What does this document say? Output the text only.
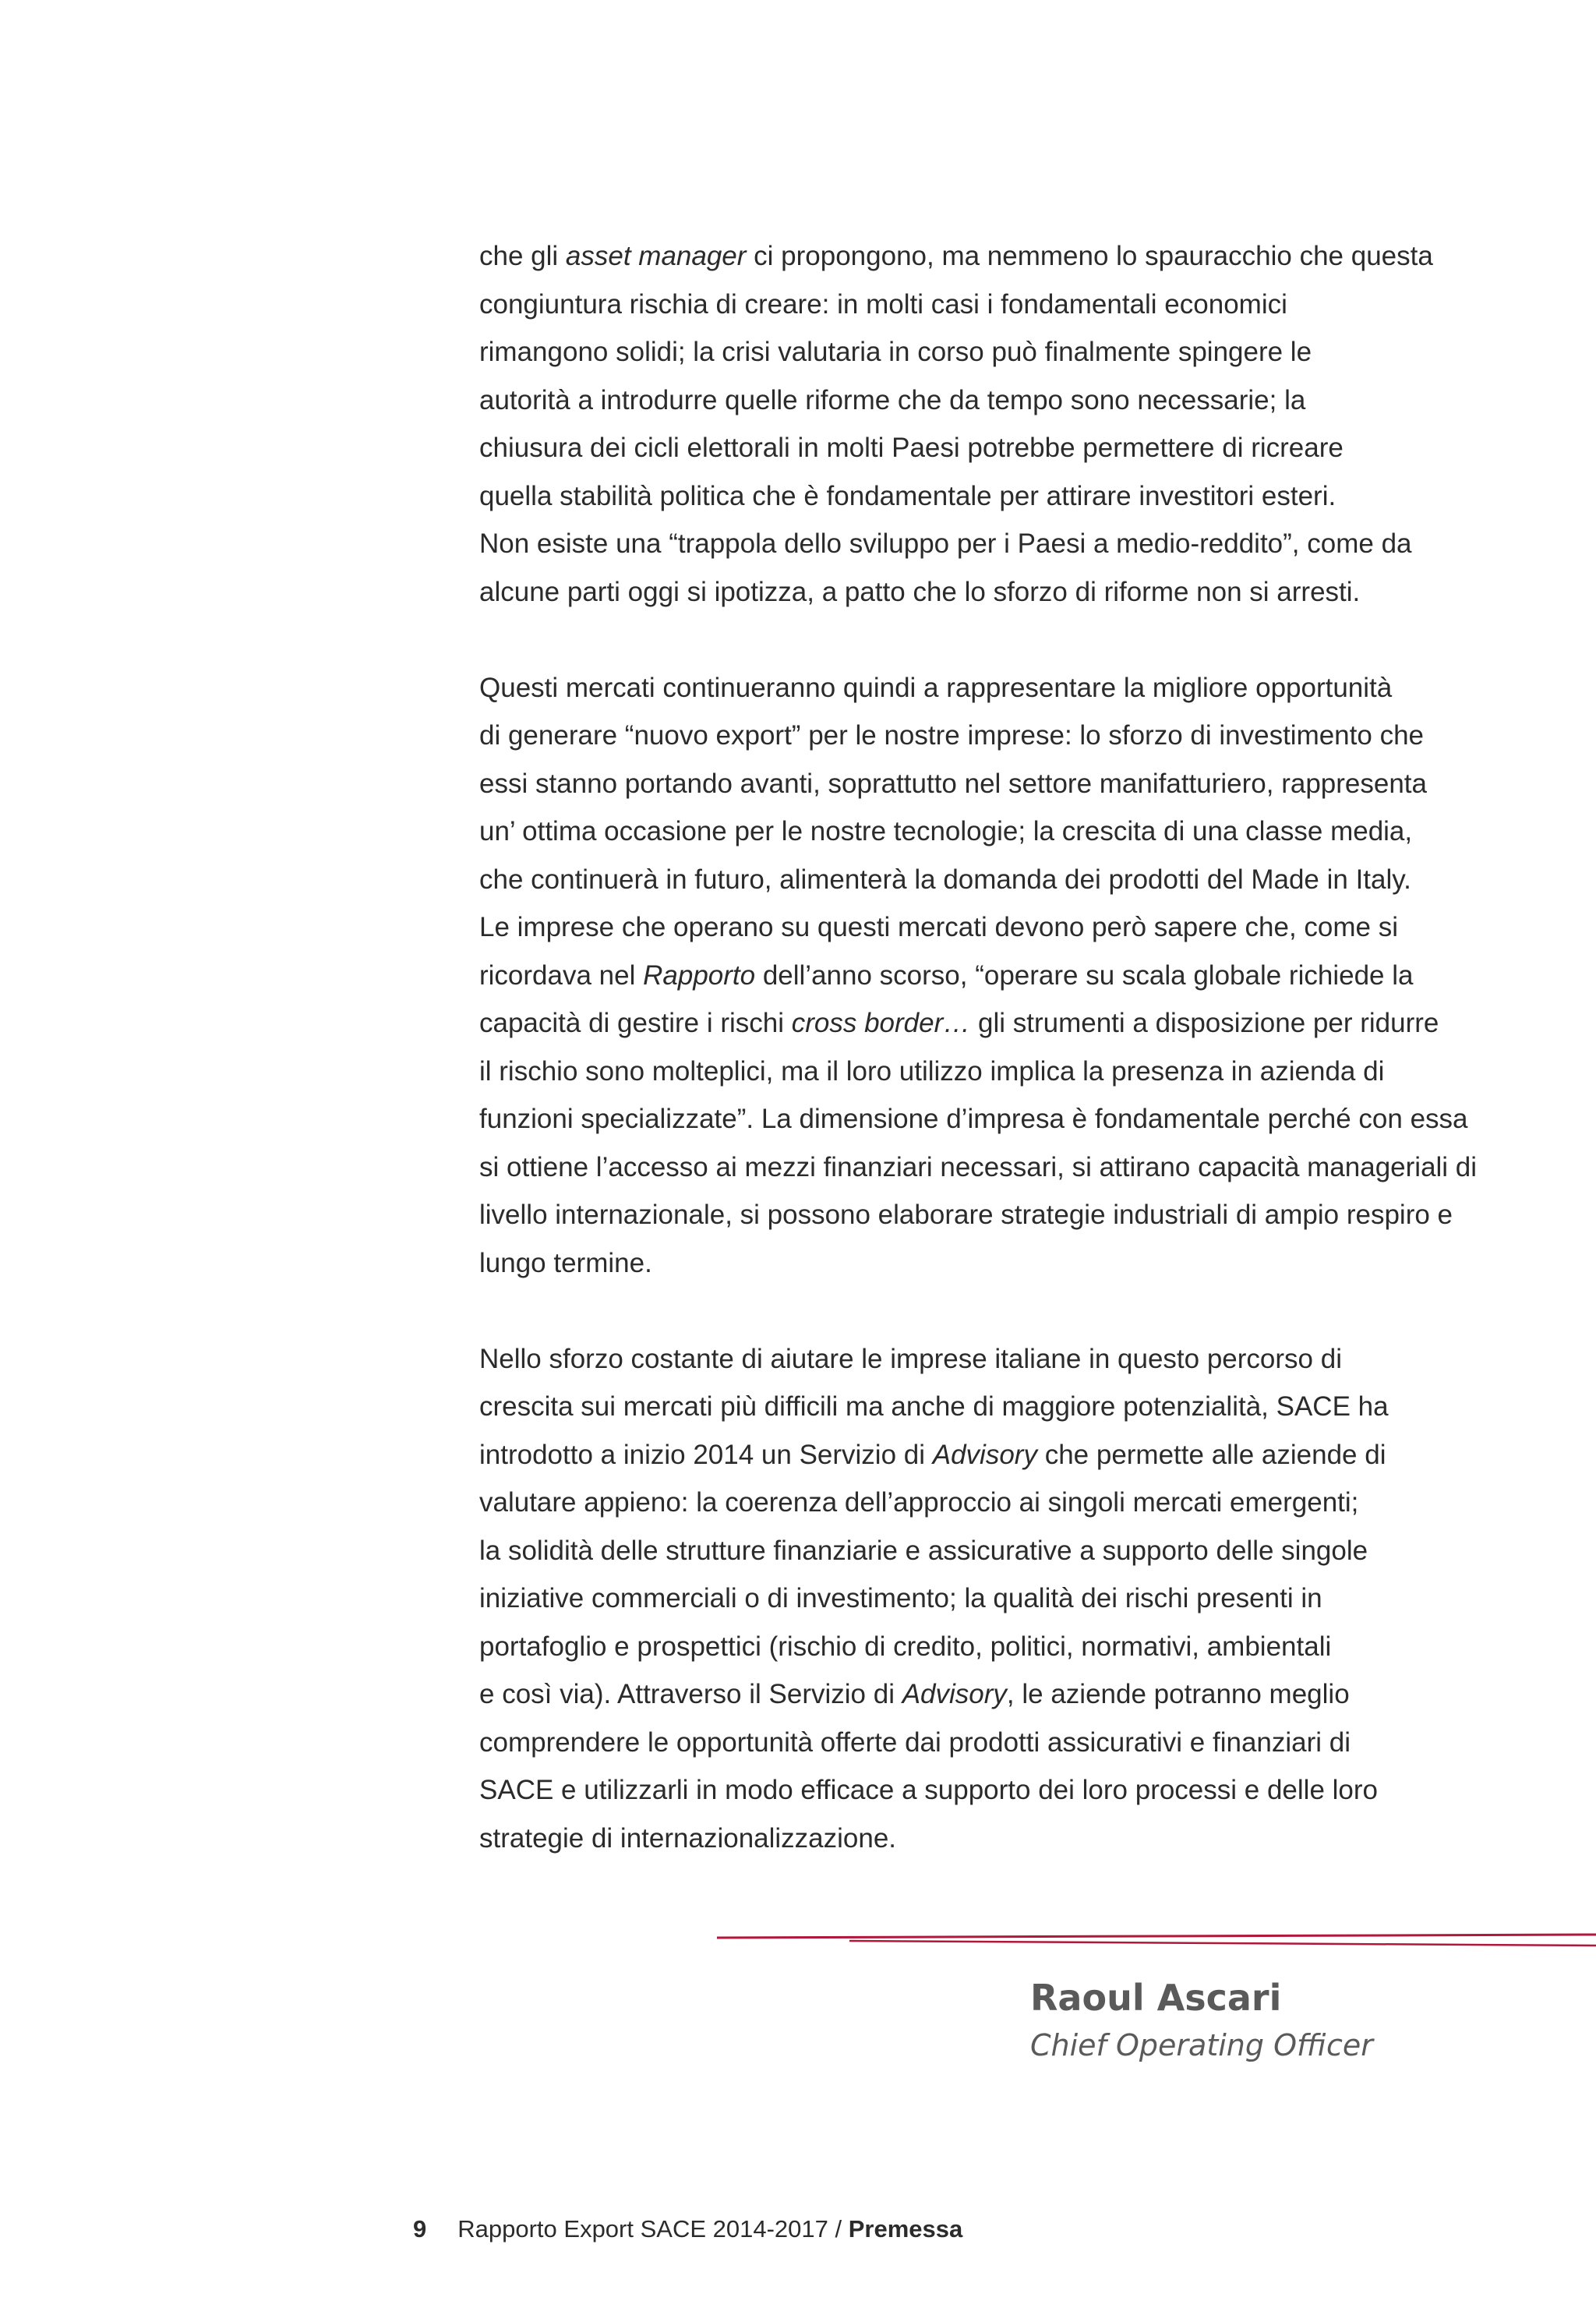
che gli asset manager ci propongono, ma nemmeno lo spauracchio che questa
congiuntura rischia di creare: in molti casi i fondamentali economici
rimangono solidi; la crisi valutaria in corso può finalmente spingere le
autorità a introdurre quelle riforme che da tempo sono necessarie; la
chiusura dei cicli elettorali in molti Paesi potrebbe permettere di ricreare
quella stabilità politica che è fondamentale per attirare investitori esteri.
Non esiste una “trappola dello sviluppo per i Paesi a medio-reddito”, come da
alcune parti oggi si ipotizza, a patto che lo sforzo di riforme non si arresti.

Questi mercati continueranno quindi a rappresentare la migliore opportunità
di generare “nuovo export” per le nostre imprese: lo sforzo di investimento che
essi stanno portando avanti, soprattutto nel settore manifatturiero, rappresenta
un’ ottima occasione per le nostre tecnologie; la crescita di una classe media,
che continuerà in futuro, alimenterà la domanda dei prodotti del Made in Italy.
Le imprese che operano su questi mercati devono però sapere che, come si
ricordava nel Rapporto dell’anno scorso, “operare su scala globale richiede la
capacità di gestire i rischi cross border… gli strumenti a disposizione per ridurre
il rischio sono molteplici, ma il loro utilizzo implica la presenza in azienda di
funzioni specializzate”. La dimensione d’impresa è fondamentale perché con essa
si ottiene l’accesso ai mezzi finanziari necessari, si attirano capacità manageriali di
livello internazionale, si possono elaborare strategie industriali di ampio respiro e
lungo termine.

Nello sforzo costante di aiutare le imprese italiane in questo percorso di
crescita sui mercati più difficili ma anche di maggiore potenzialità, SACE ha
introdotto a inizio 2014 un Servizio di Advisory che permette alle aziende di
valutare appieno: la coerenza dell’approccio ai singoli mercati emergenti;
la solidità delle strutture finanziarie e assicurative a supporto delle singole
iniziative commerciali o di investimento; la qualità dei rischi presenti in
portafoglio e prospettici (rischio di credito, politici, normativi, ambientali
e così via). Attraverso il Servizio di Advisory, le aziende potranno meglio
comprendere le opportunità offerte dai prodotti assicurativi e finanziari di
SACE e utilizzarli in modo efficace a supporto dei loro processi e delle loro
strategie di internazionalizzazione.

Raoul Ascari
Chief Operating Officer
9 Rapporto Export SACE 2014-2017 / Premessa
